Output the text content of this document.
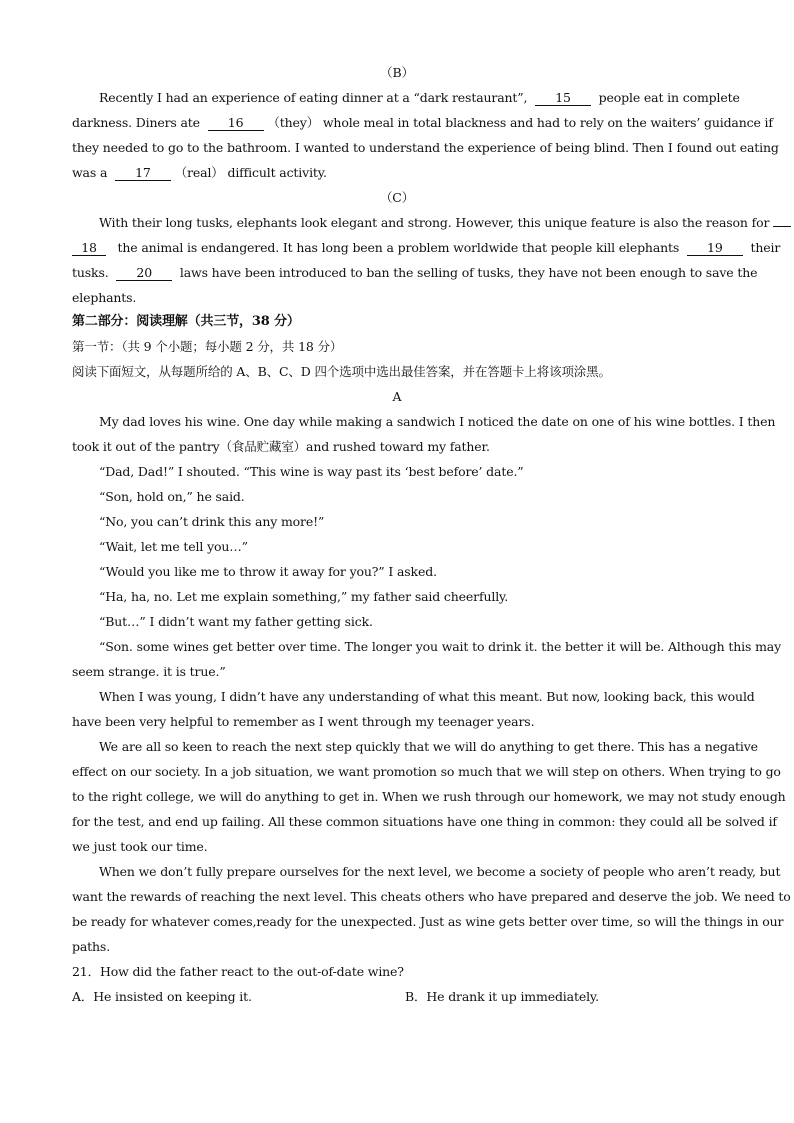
（B）
Recently I had an experience of eating dinner at a “dark restaurant”, 15 people eat in complete
darkness. Diners ate 16 （they） whole meal in total blackness and had to rely on the waiters’ guidance if
they needed to go to the bathroom. I wanted to understand the experience of being blind. Then I found out eating
was a 17 （real） difficult activity.
（C）
With their long tusks, elephants look elegant and strong. However, this unique feature is also the reason for
18 the animal is endangered. It has long been a problem worldwide that people kill elephants 19 their
tusks. 20 laws have been introduced to ban the selling of tusks, they have not been enough to save the
elephants.
第二部分：阅读理解（共三节，38 分）
第一节：（共 9 个小题；每小题 2 分，共 18 分）
阅读下面短文，从每题所给的 A、B、C、D 四个选项中选出最佳答案，并在答题卡上将该项涂黑。
A
My dad loves his wine. One day while making a sandwich I noticed the date on one of his wine bottles. I then
took it out of the pantry（食品贮藏室）and rushed toward my father.
“Dad, Dad!” I shouted. “This wine is way past its ‘best before’ date.”
“Son, hold on,” he said.
“No, you can’t drink this any more!”
“Wait, let me tell you…”
“Would you like me to throw it away for you?” I asked.
“Ha, ha, no. Let me explain something,” my father said cheerfully.
“But…” I didn’t want my father getting sick.
“Son. some wines get better over time. The longer you wait to drink it. the better it will be. Although this may
seem strange. it is true.”
When I was young, I didn’t have any understanding of what this meant. But now, looking back, this would
have been very helpful to remember as I went through my teenager years.
We are all so keen to reach the next step quickly that we will do anything to get there. This has a negative
effect on our society. In a job situation, we want promotion so much that we will step on others. When trying to go
to the right college, we will do anything to get in. When we rush through our homework, we may not study enough
for the test, and end up failing. All these common situations have one thing in common: they could all be solved if
we just took our time.
When we don’t fully prepare ourselves for the next level, we become a society of people who aren’t ready, but
want the rewards of reaching the next level. This cheats others who have prepared and deserve the job. We need to
be ready for whatever comes,ready for the unexpected. Just as wine gets better over time, so will the things in our
paths.
21．How did the father react to the out-of-date wine?
A．He insisted on keeping it.	B．He drank it up immediately.
